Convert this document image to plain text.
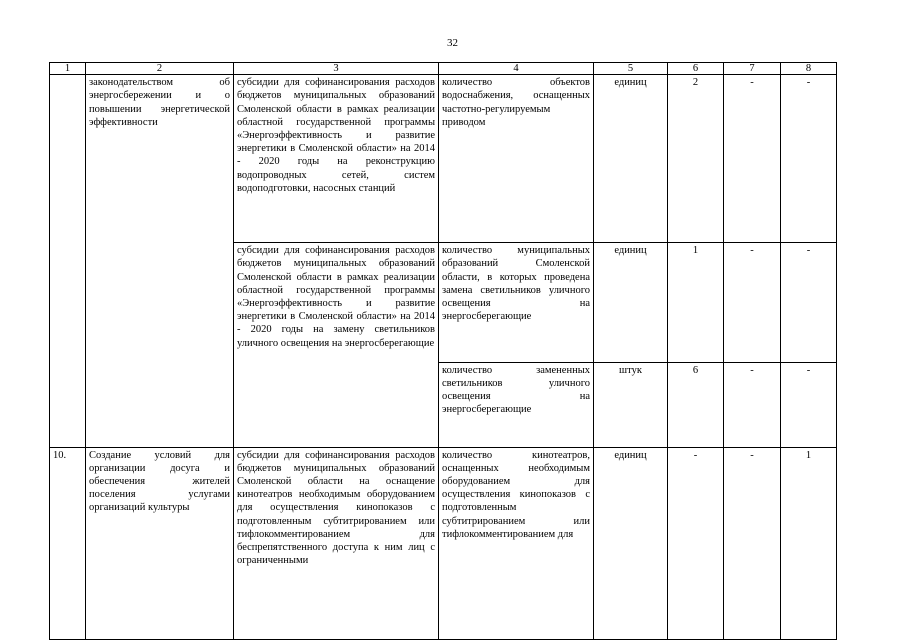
32
1	2	3	4	5	6	7	8
	законодательством об энергосбережении и о повышении энергетической эффективности	субсидии для софинансирования расходов бюджетов муниципальных образований Смоленской области в рамках реализации областной государственной программы «Энергоэффективность и развитие энергетики в Смоленской области» на 2014 - 2020 годы на реконструкцию водопроводных сетей, систем водоподготовки, насосных станций	количество объектов водоснабжения, оснащенных частотно-регулируемым приводом	единиц	2	-	-
		субсидии для софинансирования расходов бюджетов муниципальных образований Смоленской области в рамках реализации областной государственной программы «Энергоэффективность и развитие энергетики в Смоленской области» на 2014 - 2020 годы на замену светильников уличного освещения на энергосберегающие	количество муниципальных образований Смоленской области, в которых проведена замена светильников уличного освещения на энергосберегающие	единиц	1	-	-
			количество замененных светильников уличного освещения на энергосберегающие	штук	6	-	-
10.	Создание условий для организации досуга и обеспечения жителей поселения услугами организаций культуры	субсидии для софинансирования расходов бюджетов муниципальных образований Смоленской области на оснащение кинотеатров необходимым оборудованием для осуществления кинопоказов с подготовленным субтитрированием или тифлокомментированием для беспрепятственного доступа к ним лиц с ограниченными	количество кинотеатров, оснащенных необходимым оборудованием для осуществления кинопоказов с подготовленным субтитрированием или тифлокомментированием для	единиц	-	-	1
